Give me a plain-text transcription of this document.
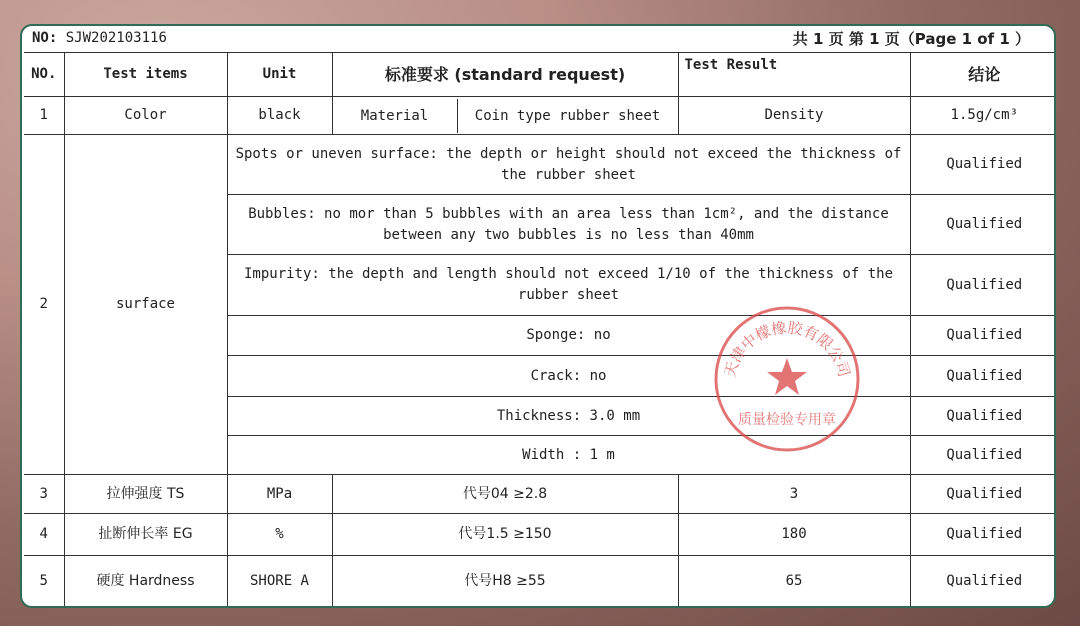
NO: SJW202103116	共 1 页 第 1 页（Page 1 of 1 ）
NO.	Test items	Unit	标准要求 (standard request)	Test Result	结论
1	Color	black	Material Coin type rubber sheet	Density	1.5g/cm³
2	surface	Spots or uneven surface: the depth or height should not exceed the thickness of the rubber sheet			Qualified
		Bubbles: no mor than 5 bubbles with an area less than 1cm², and the distance between any two bubbles is no less than 40mm			Qualified
		Impurity: the depth and length should not exceed 1/10 of the thickness of the rubber sheet			Qualified
		Sponge: no			Qualified
		Crack: no			Qualified
		Thickness: 3.0 mm			Qualified
		Width : 1 m			Qualified
3	拉伸强度 TS	MPa	代号04 ≥2.8	3	Qualified
4	扯断伸长率 EG	%	代号1.5 ≥150	180	Qualified
5	硬度 Hardness	SHORE A	代号H8 ≥55	65	Qualified
天津中檬橡胶有限公司
质量检验专用章
